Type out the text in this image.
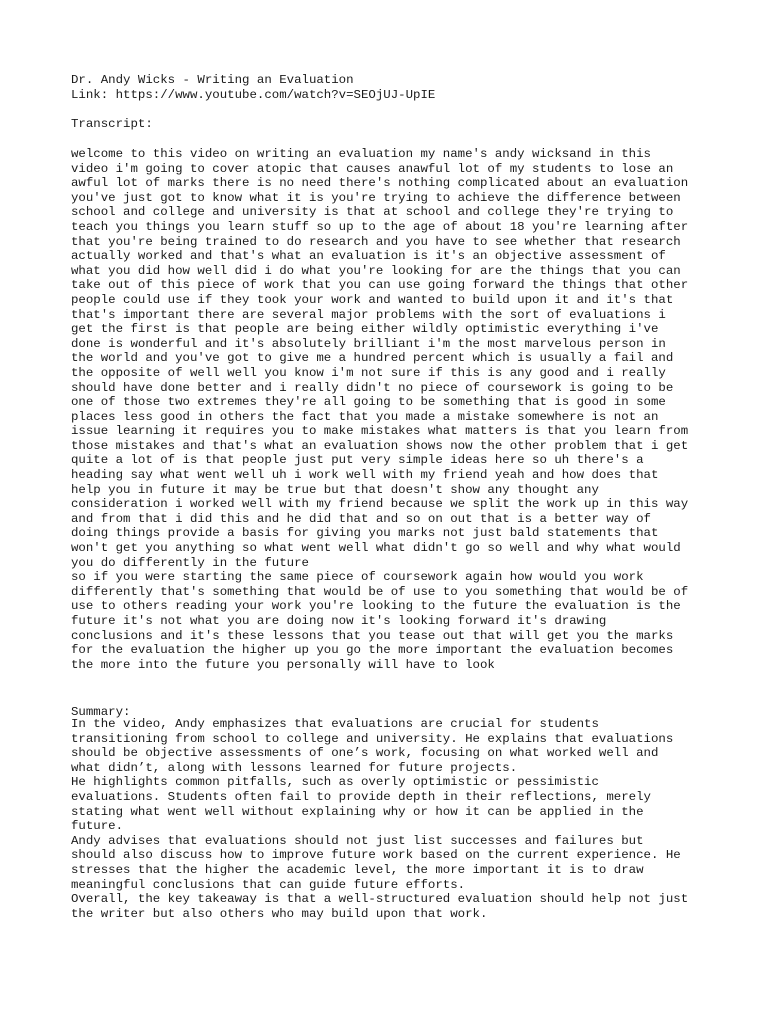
Dr. Andy Wicks - Writing an Evaluation
Link: https://www.youtube.com/watch?v=SEOjUJ-UpIE
Transcript:
welcome to this video on writing an evaluation my name's andy wicksand in this
video i'm going to cover atopic that causes anawful lot of my students to lose an
awful lot of marks there is no need there's nothing complicated about an evaluation
you've just got to know what it is you're trying to achieve the difference between
school and college and university is that at school and college they're trying to
teach you things you learn stuff so up to the age of about 18 you're learning after
that you're being trained to do research and you have to see whether that research
actually worked and that's what an evaluation is it's an objective assessment of
what you did how well did i do what you're looking for are the things that you can
take out of this piece of work that you can use going forward the things that other
people could use if they took your work and wanted to build upon it and it's that
that's important there are several major problems with the sort of evaluations i
get the first is that people are being either wildly optimistic everything i've
done is wonderful and it's absolutely brilliant i'm the most marvelous person in
the world and you've got to give me a hundred percent which is usually a fail and
the opposite of well well you know i'm not sure if this is any good and i really
should have done better and i really didn't no piece of coursework is going to be
one of those two extremes they're all going to be something that is good in some
places less good in others the fact that you made a mistake somewhere is not an
issue learning it requires you to make mistakes what matters is that you learn from
those mistakes and that's what an evaluation shows now the other problem that i get
quite a lot of is that people just put very simple ideas here so uh there's a
heading say what went well uh i work well with my friend yeah and how does that
help you in future it may be true but that doesn't show any thought any
consideration i worked well with my friend because we split the work up in this way
and from that i did this and he did that and so on out that is a better way of
doing things provide a basis for giving you marks not just bald statements that
won't get you anything so what went well what didn't go so well and why what would
you do differently in the future
so if you were starting the same piece of coursework again how would you work
differently that's something that would be of use to you something that would be of
use to others reading your work you're looking to the future the evaluation is the
future it's not what you are doing now it's looking forward it's drawing
conclusions and it's these lessons that you tease out that will get you the marks
for the evaluation the higher up you go the more important the evaluation becomes
the more into the future you personally will have to look
Summary:
In the video, Andy emphasizes that evaluations are crucial for students
transitioning from school to college and university. He explains that evaluations
should be objective assessments of one’s work, focusing on what worked well and
what didn’t, along with lessons learned for future projects.
He highlights common pitfalls, such as overly optimistic or pessimistic
evaluations. Students often fail to provide depth in their reflections, merely
stating what went well without explaining why or how it can be applied in the
future.
Andy advises that evaluations should not just list successes and failures but
should also discuss how to improve future work based on the current experience. He
stresses that the higher the academic level, the more important it is to draw
meaningful conclusions that can guide future efforts.
Overall, the key takeaway is that a well-structured evaluation should help not just
the writer but also others who may build upon that work.
